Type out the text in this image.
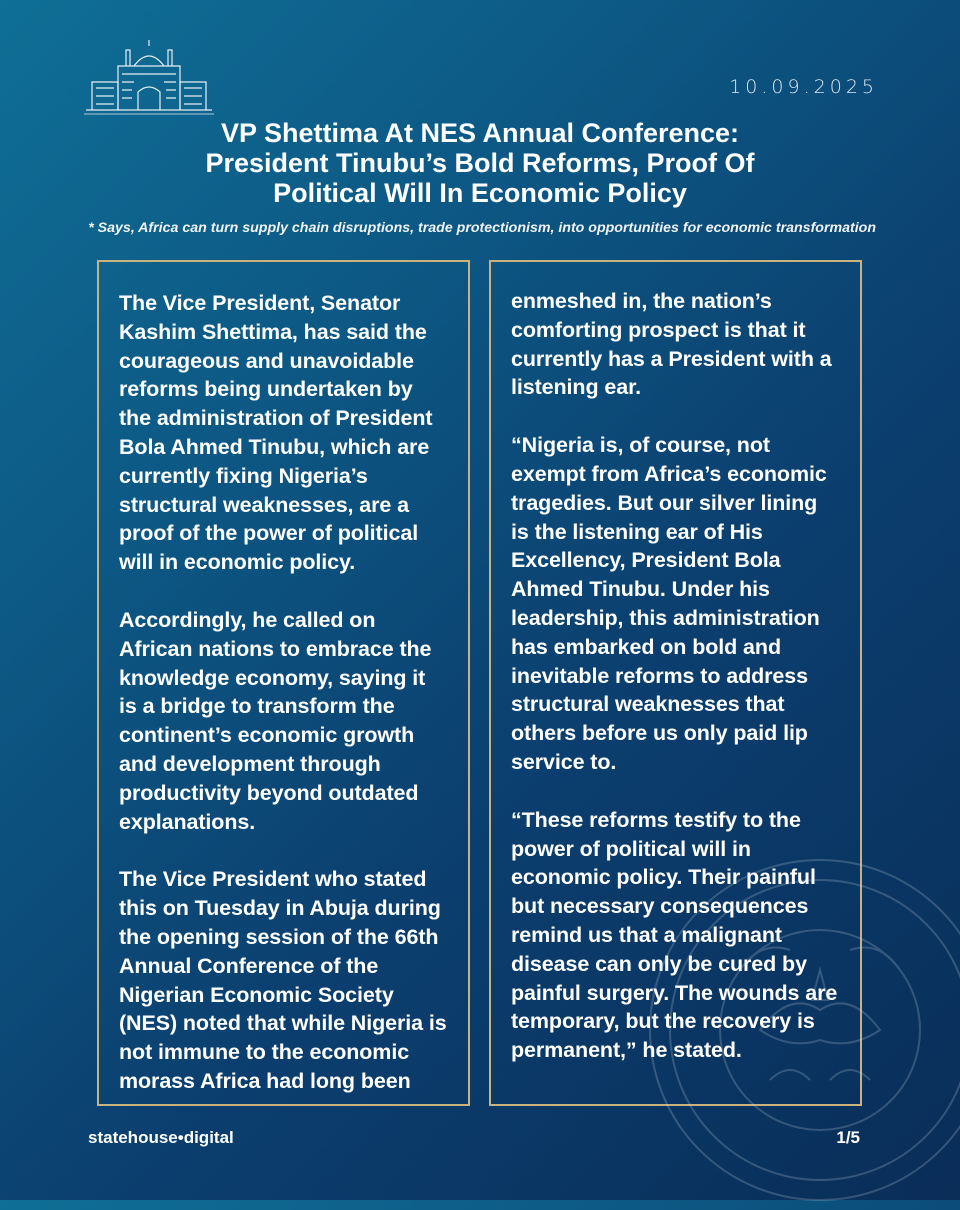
10.09.2025
VP Shettima At NES Annual Conference:
President Tinubu’s Bold Reforms, Proof Of
Political Will In Economic Policy
* Says, Africa can turn supply chain disruptions, trade protectionism, into opportunities for economic transformation

The Vice President, Senator Kashim Shettima, has said the courageous and unavoidable reforms being undertaken by the administration of President Bola Ahmed Tinubu, which are currently fixing Nigeria’s structural weaknesses, are a proof of the power of political will in economic policy.

Accordingly, he called on African nations to embrace the knowledge economy, saying it is a bridge to transform the continent’s economic growth and development through productivity beyond outdated explanations.

The Vice President who stated this on Tuesday in Abuja during the opening session of the 66th Annual Conference of the Nigerian Economic Society (NES) noted that while Nigeria is not immune to the economic morass Africa had long been

enmeshed in, the nation’s comforting prospect is that it currently has a President with a listening ear.

“Nigeria is, of course, not exempt from Africa’s economic tragedies. But our silver lining is the listening ear of His Excellency, President Bola Ahmed Tinubu. Under his leadership, this administration has embarked on bold and inevitable reforms to address structural weaknesses that others before us only paid lip service to.

“These reforms testify to the power of political will in economic policy. Their painful but necessary consequences remind us that a malignant disease can only be cured by painful surgery. The wounds are temporary, but the recovery is permanent,” he stated.

statehouse•digital	1/5
